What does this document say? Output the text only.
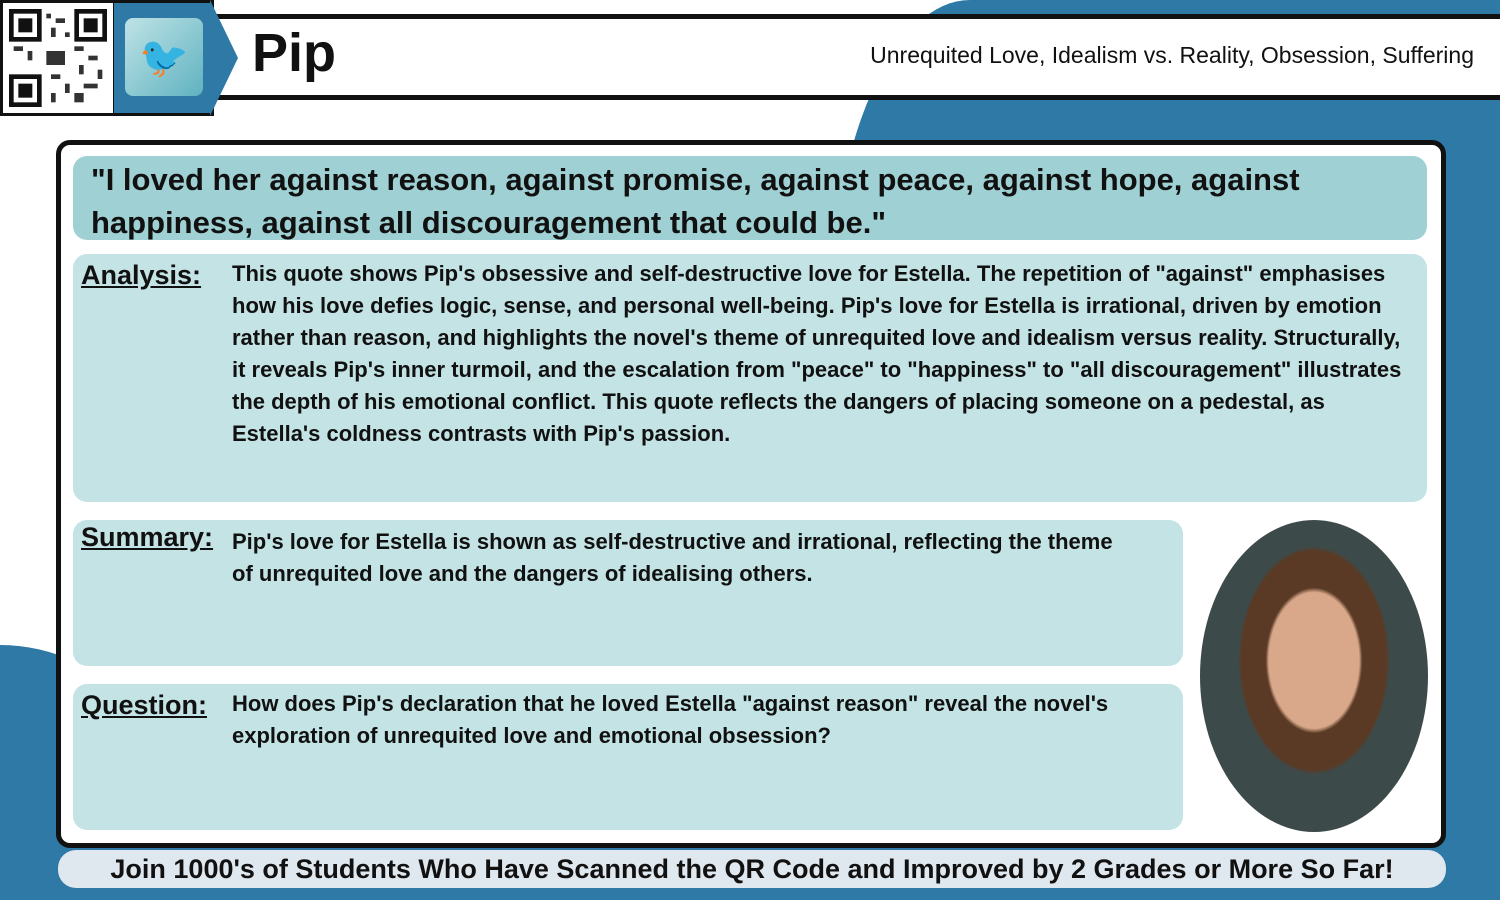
🐦 Pip	Unrequited Love, Idealism vs. Reality, Obsession, Suffering
"I loved her against reason, against promise, against peace, against hope, against happiness, against all discouragement that could be."
Analysis: This quote shows Pip's obsessive and self-destructive love for Estella. The repetition of "against" emphasises how his love defies logic, sense, and personal well-being. Pip's love for Estella is irrational, driven by emotion rather than reason, and highlights the novel's theme of unrequited love and idealism versus reality. Structurally, it reveals Pip's inner turmoil, and the escalation from "peace" to "happiness" to "all discouragement" illustrates the depth of his emotional conflict. This quote reflects the dangers of placing someone on a pedestal, as Estella's coldness contrasts with Pip's passion.
Summary: Pip's love for Estella is shown as self-destructive and irrational, reflecting the theme of unrequited love and the dangers of idealising others.
Question: How does Pip's declaration that he loved Estella "against reason" reveal the novel's exploration of unrequited love and emotional obsession?
Join 1000's of Students Who Have Scanned the QR Code and Improved by 2 Grades or More So Far!
